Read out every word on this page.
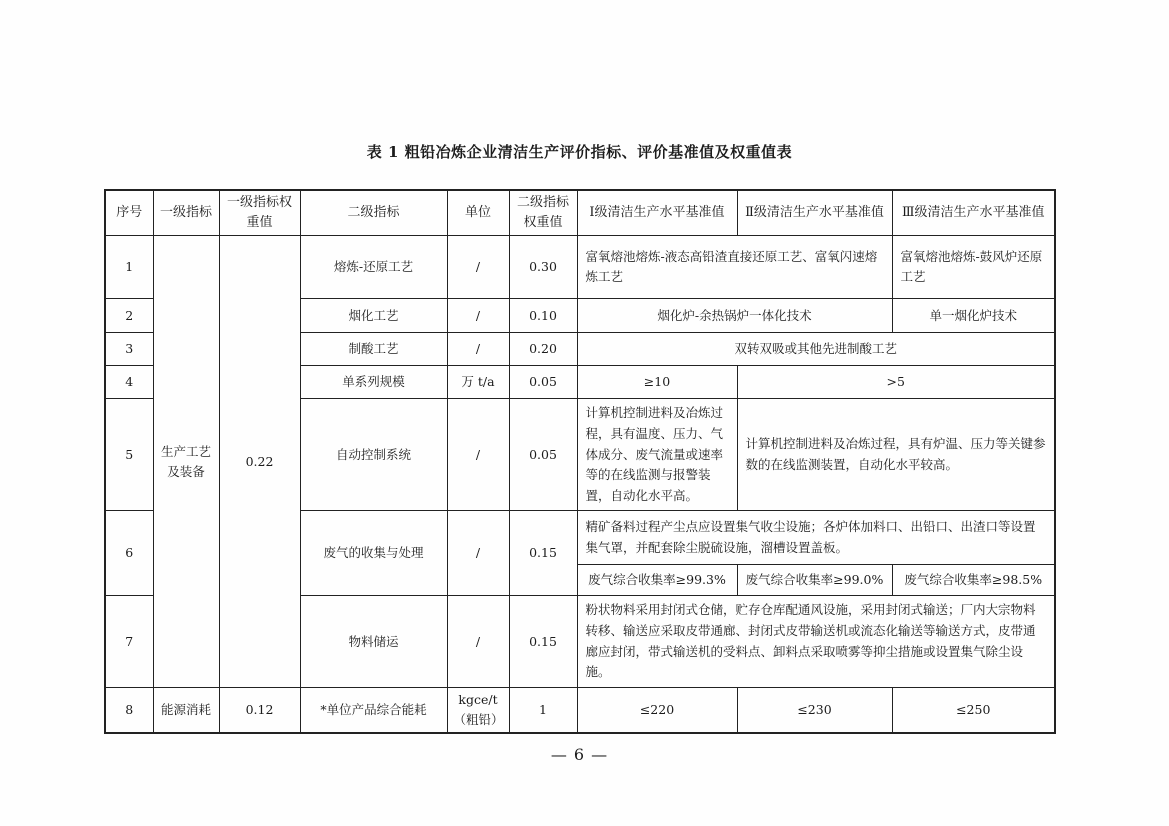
表 1 粗铅冶炼企业清洁生产评价指标、评价基准值及权重值表
序号	一级指标	一级指标权重值	二级指标	单位	二级指标权重值	Ⅰ级清洁生产水平基准值	Ⅱ级清洁生产水平基准值	Ⅲ级清洁生产水平基准值
1	生产工艺及装备	0.22	熔炼-还原工艺	/	0.30	富氧熔池熔炼-液态高铅渣直接还原工艺、富氧闪速熔炼工艺		富氧熔池熔炼-鼓风炉还原工艺
2			烟化工艺	/	0.10	烟化炉-余热锅炉一体化技术		单一烟化炉技术
3			制酸工艺	/	0.20	双转双吸或其他先进制酸工艺		
4			单系列规模	万 t/a	0.05	≥10	>5	
5			自动控制系统	/	0.05	计算机控制进料及冶炼过程，具有温度、压力、气体成分、废气流量或速率等的在线监测与报警装置，自动化水平高。	计算机控制进料及冶炼过程，具有炉温、压力等关键参数的在线监测装置，自动化水平较高。	
6			废气的收集与处理	/	0.15	精矿备料过程产尘点应设置集气收尘设施；各炉体加料口、出铅口、出渣口等设置集气罩，并配套除尘脱硫设施，溜槽设置盖板。		
						废气综合收集率≥99.3%	废气综合收集率≥99.0%	废气综合收集率≥98.5%
7			物料储运	/	0.15	粉状物料采用封闭式仓储，贮存仓库配通风设施，采用封闭式输送；厂内大宗物料转移、输送应采取皮带通廊、封闭式皮带输送机或流态化输送等输送方式，皮带通廊应封闭，带式输送机的受料点、卸料点采取喷雾等抑尘措施或设置集气除尘设施。		
8	能源消耗	0.12	*单位产品综合能耗	kgce/t（粗铅）	1	≤220	≤230	≤250
— 6 —
